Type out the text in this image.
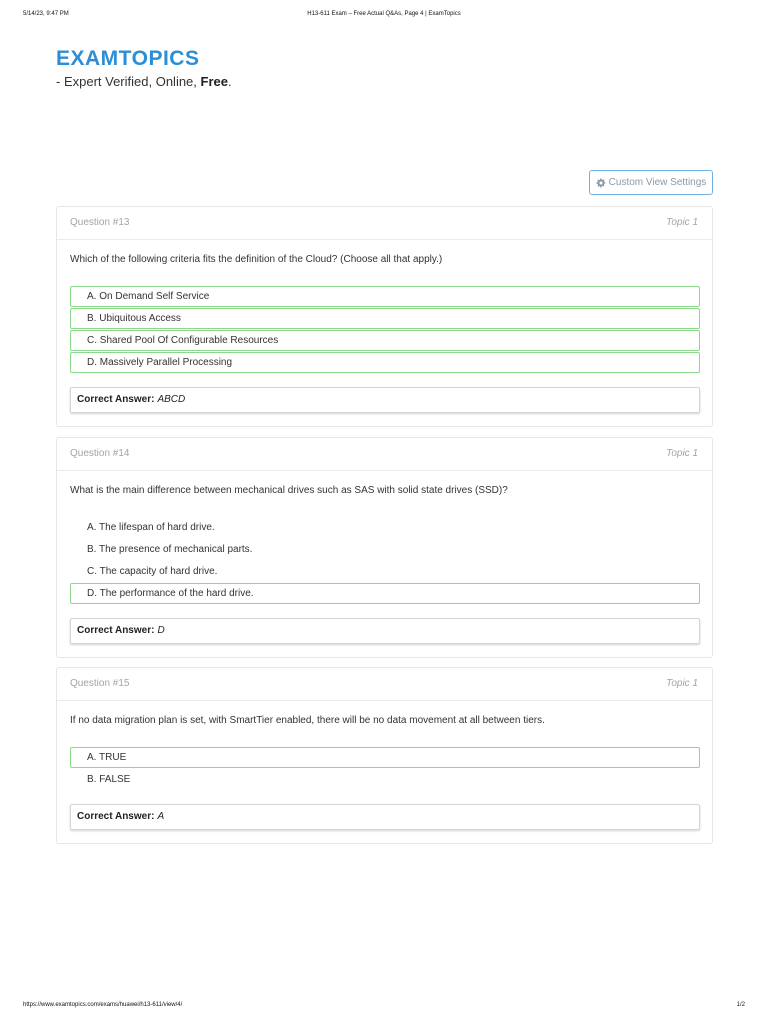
5/14/23, 9:47 PM	H13-611 Exam – Free Actual Q&As, Page 4 | ExamTopics
EXAMTOPICS
- Expert Verified, Online, Free.
Custom View Settings
Question #13	Topic 1
Which of the following criteria fits the definition of the Cloud? (Choose all that apply.)
A. On Demand Self Service
B. Ubiquitous Access
C. Shared Pool Of Configurable Resources
D. Massively Parallel Processing
Correct Answer: ABCD
Question #14	Topic 1
What is the main difference between mechanical drives such as SAS with solid state drives (SSD)?
A. The lifespan of hard drive.
B. The presence of mechanical parts.
C. The capacity of hard drive.
D. The performance of the hard drive.
Correct Answer: D
Question #15	Topic 1
If no data migration plan is set, with SmartTier enabled, there will be no data movement at all between tiers.
A. TRUE
B. FALSE
Correct Answer: A
https://www.examtopics.com/exams/huawei/h13-611/view/4/	1/2
